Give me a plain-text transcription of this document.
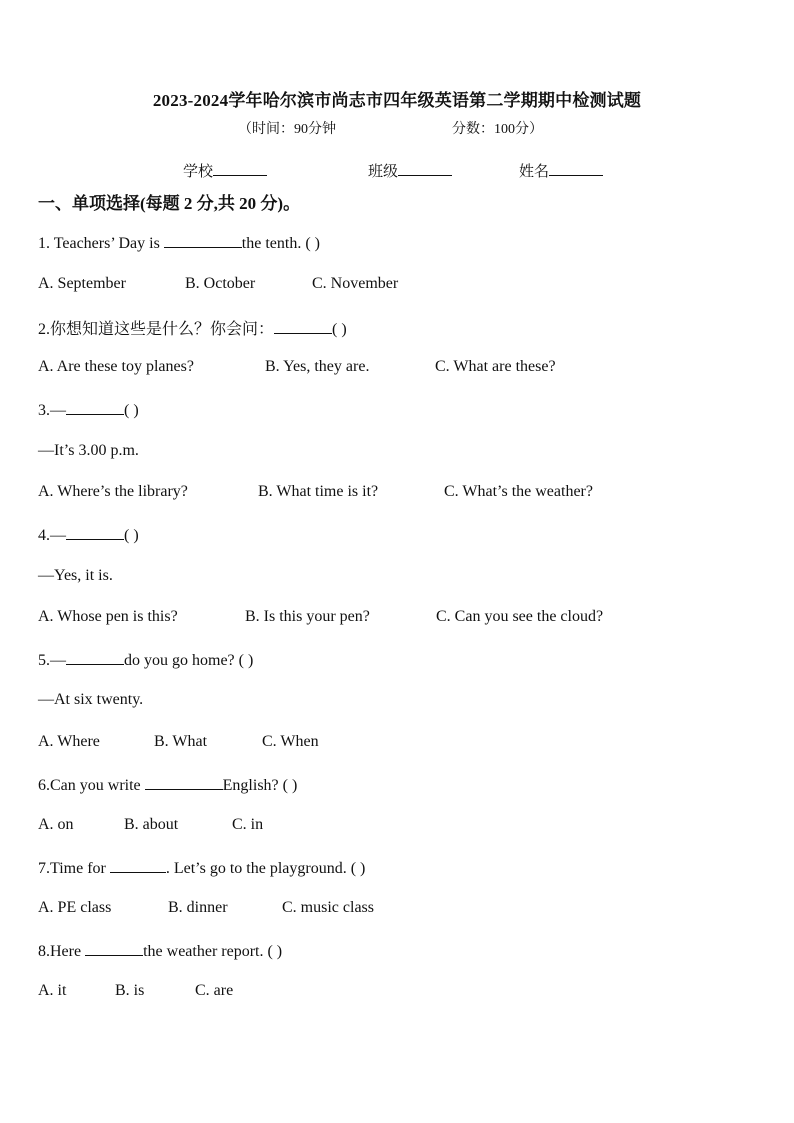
2023-2024学年哈尔滨市尚志市四年级英语第二学期期中检测试题
（时间：90分钟	分数：100分）
学校	班级	姓名
一、单项选择(每题 2 分,共 20 分)。
1. Teachers’ Day is	the tenth. ( )
A. September	B. October	C. November
2.你想知道这些是什么？你会问：	( )
A. Are these toy planes?	B. Yes, they are.	C. What are these?
3.—	( )
—It’s 3.00 p.m.
A. Where’s the library?	B. What time is it?	C. What’s the weather?
4.—	( )
—Yes, it is.
A. Whose pen is this?	B. Is this your pen?	C. Can you see the cloud?
5.—	do you go home? ( )
—At six twenty.
A. Where	B. What	C. When
6.Can you write	English? ( )
A. on	B. about	C. in
7.Time for	. Let’s go to the playground. ( )
A. PE class	B. dinner	C. music class
8.Here	the weather report. ( )
A. it	B. is	C. are
